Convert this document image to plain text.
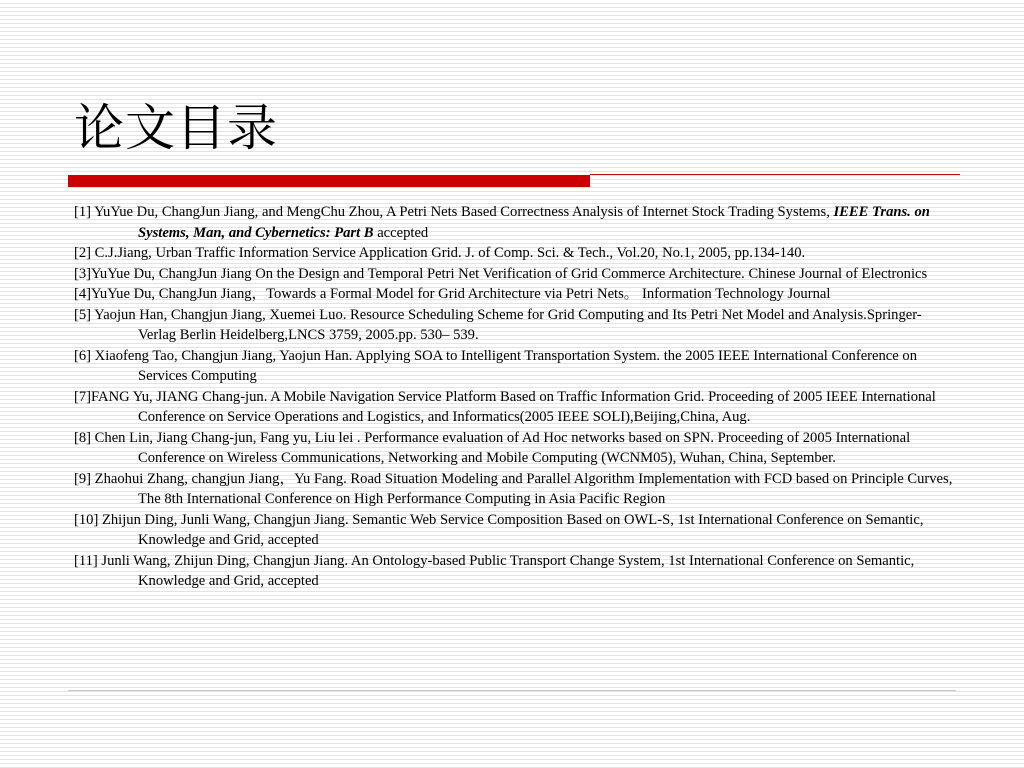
论文目录
[1] YuYue Du, ChangJun Jiang, and MengChu Zhou, A Petri Nets Based Correctness Analysis of Internet Stock Trading Systems, IEEE Trans. on Systems, Man, and Cybernetics: Part B accepted
[2] C.J.Jiang, Urban Traffic Information Service Application Grid. J. of Comp. Sci. & Tech., Vol.20, No.1, 2005, pp.134-140.
[3]YuYue Du, ChangJun Jiang On the Design and Temporal Petri Net Verification of Grid Commerce Architecture. Chinese Journal of Electronics
[4]YuYue Du, ChangJun Jiang，Towards a Formal Model for Grid Architecture via Petri Nets。 Information Technology Journal
[5] Yaojun Han, Changjun Jiang, Xuemei Luo. Resource Scheduling Scheme for Grid Computing and Its Petri Net Model and Analysis.Springer-Verlag Berlin Heidelberg,LNCS 3759, 2005.pp. 530– 539.
[6] Xiaofeng Tao, Changjun Jiang, Yaojun Han. Applying SOA to Intelligent Transportation System. the 2005 IEEE International Conference on Services Computing
[7]FANG Yu, JIANG Chang-jun. A Mobile Navigation Service Platform Based on Traffic Information Grid. Proceeding of 2005 IEEE International Conference on Service Operations and Logistics, and Informatics(2005 IEEE SOLI),Beijing,China, Aug.
[8] Chen Lin, Jiang Chang-jun, Fang yu, Liu lei . Performance evaluation of Ad Hoc networks based on SPN. Proceeding of 2005 International Conference on Wireless Communications, Networking and Mobile Computing (WCNM05), Wuhan, China, September.
[9] Zhaohui Zhang, changjun Jiang，Yu Fang. Road Situation Modeling and Parallel Algorithm Implementation with FCD based on Principle Curves, The 8th International Conference on High Performance Computing in Asia Pacific Region
[10] Zhijun Ding, Junli Wang, Changjun Jiang. Semantic Web Service Composition Based on OWL-S, 1st International Conference on Semantic, Knowledge and Grid, accepted
[11] Junli Wang, Zhijun Ding, Changjun Jiang. An Ontology-based Public Transport Change System, 1st International Conference on Semantic, Knowledge and Grid, accepted
